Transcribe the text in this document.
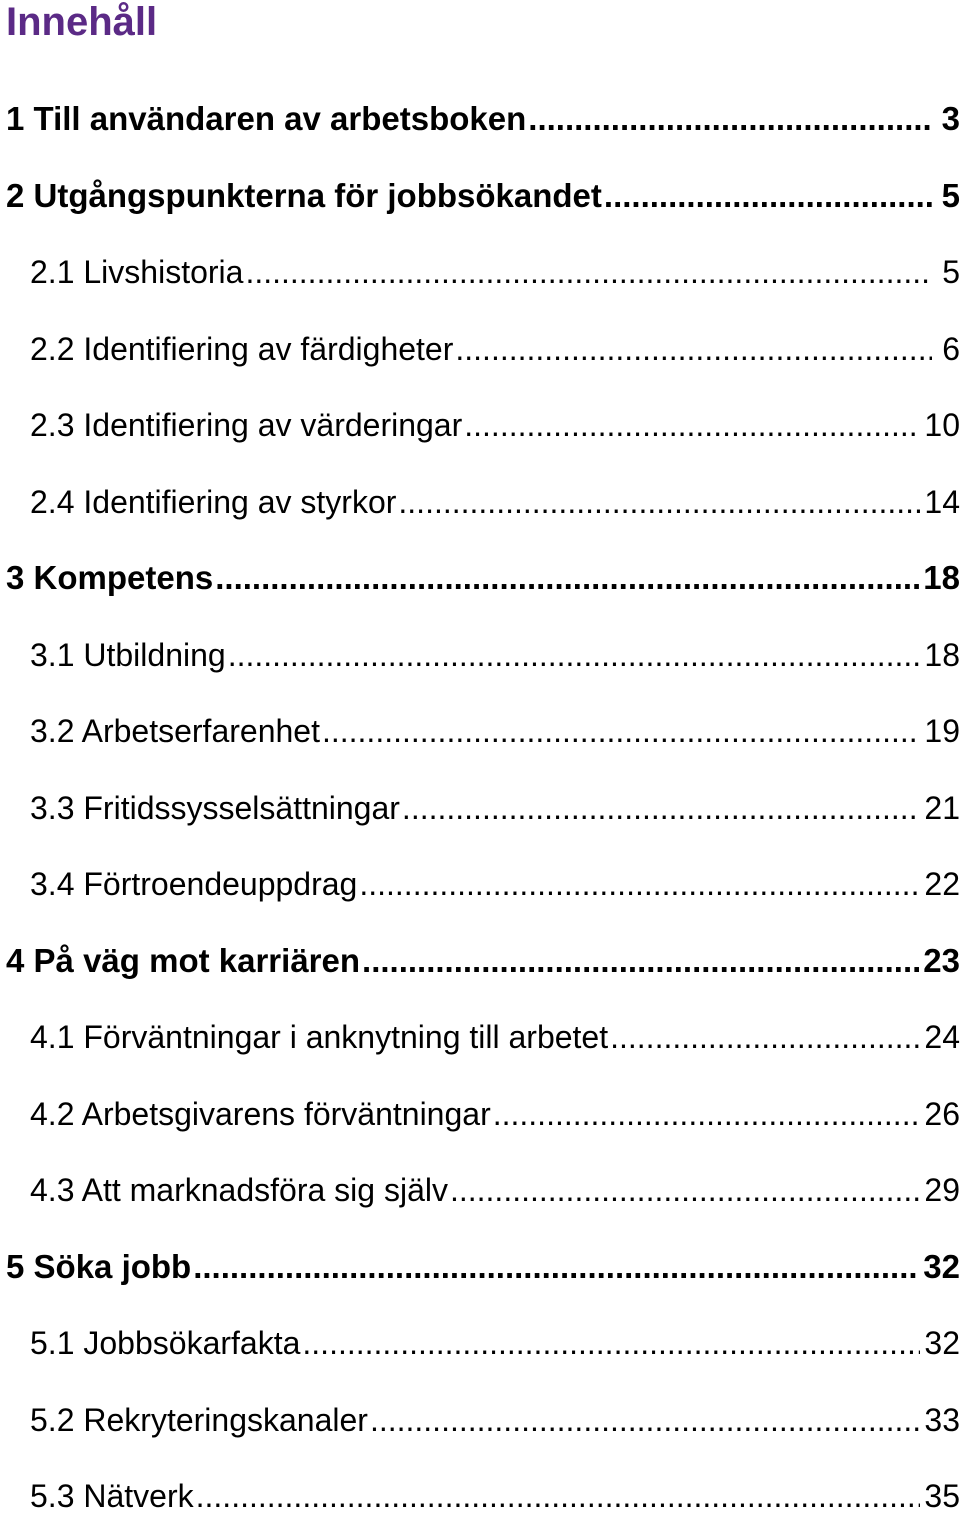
Innehåll
1 Till användaren av arbetsboken .....	3
2 Utgångspunkterna för jobbsökandet .....	5
2.1 Livshistoria .....	5
2.2 Identifiering av färdigheter .....	6
2.3 Identifiering av värderingar .....	10
2.4 Identifiering av styrkor .....	14
3 Kompetens .....	18
3.1 Utbildning .....	18
3.2 Arbetserfarenhet .....	19
3.3 Fritidssysselsättningar .....	21
3.4 Förtroendeuppdrag .....	22
4 På väg mot karriären .....	23
4.1 Förväntningar i anknytning till arbetet .....	24
4.2 Arbetsgivarens förväntningar .....	26
4.3 Att marknadsföra sig själv .....	29
5 Söka jobb .....	32
5.1 Jobbsökarfakta .....	32
5.2 Rekryteringskanaler .....	33
5.3 Nätverk .....	35
